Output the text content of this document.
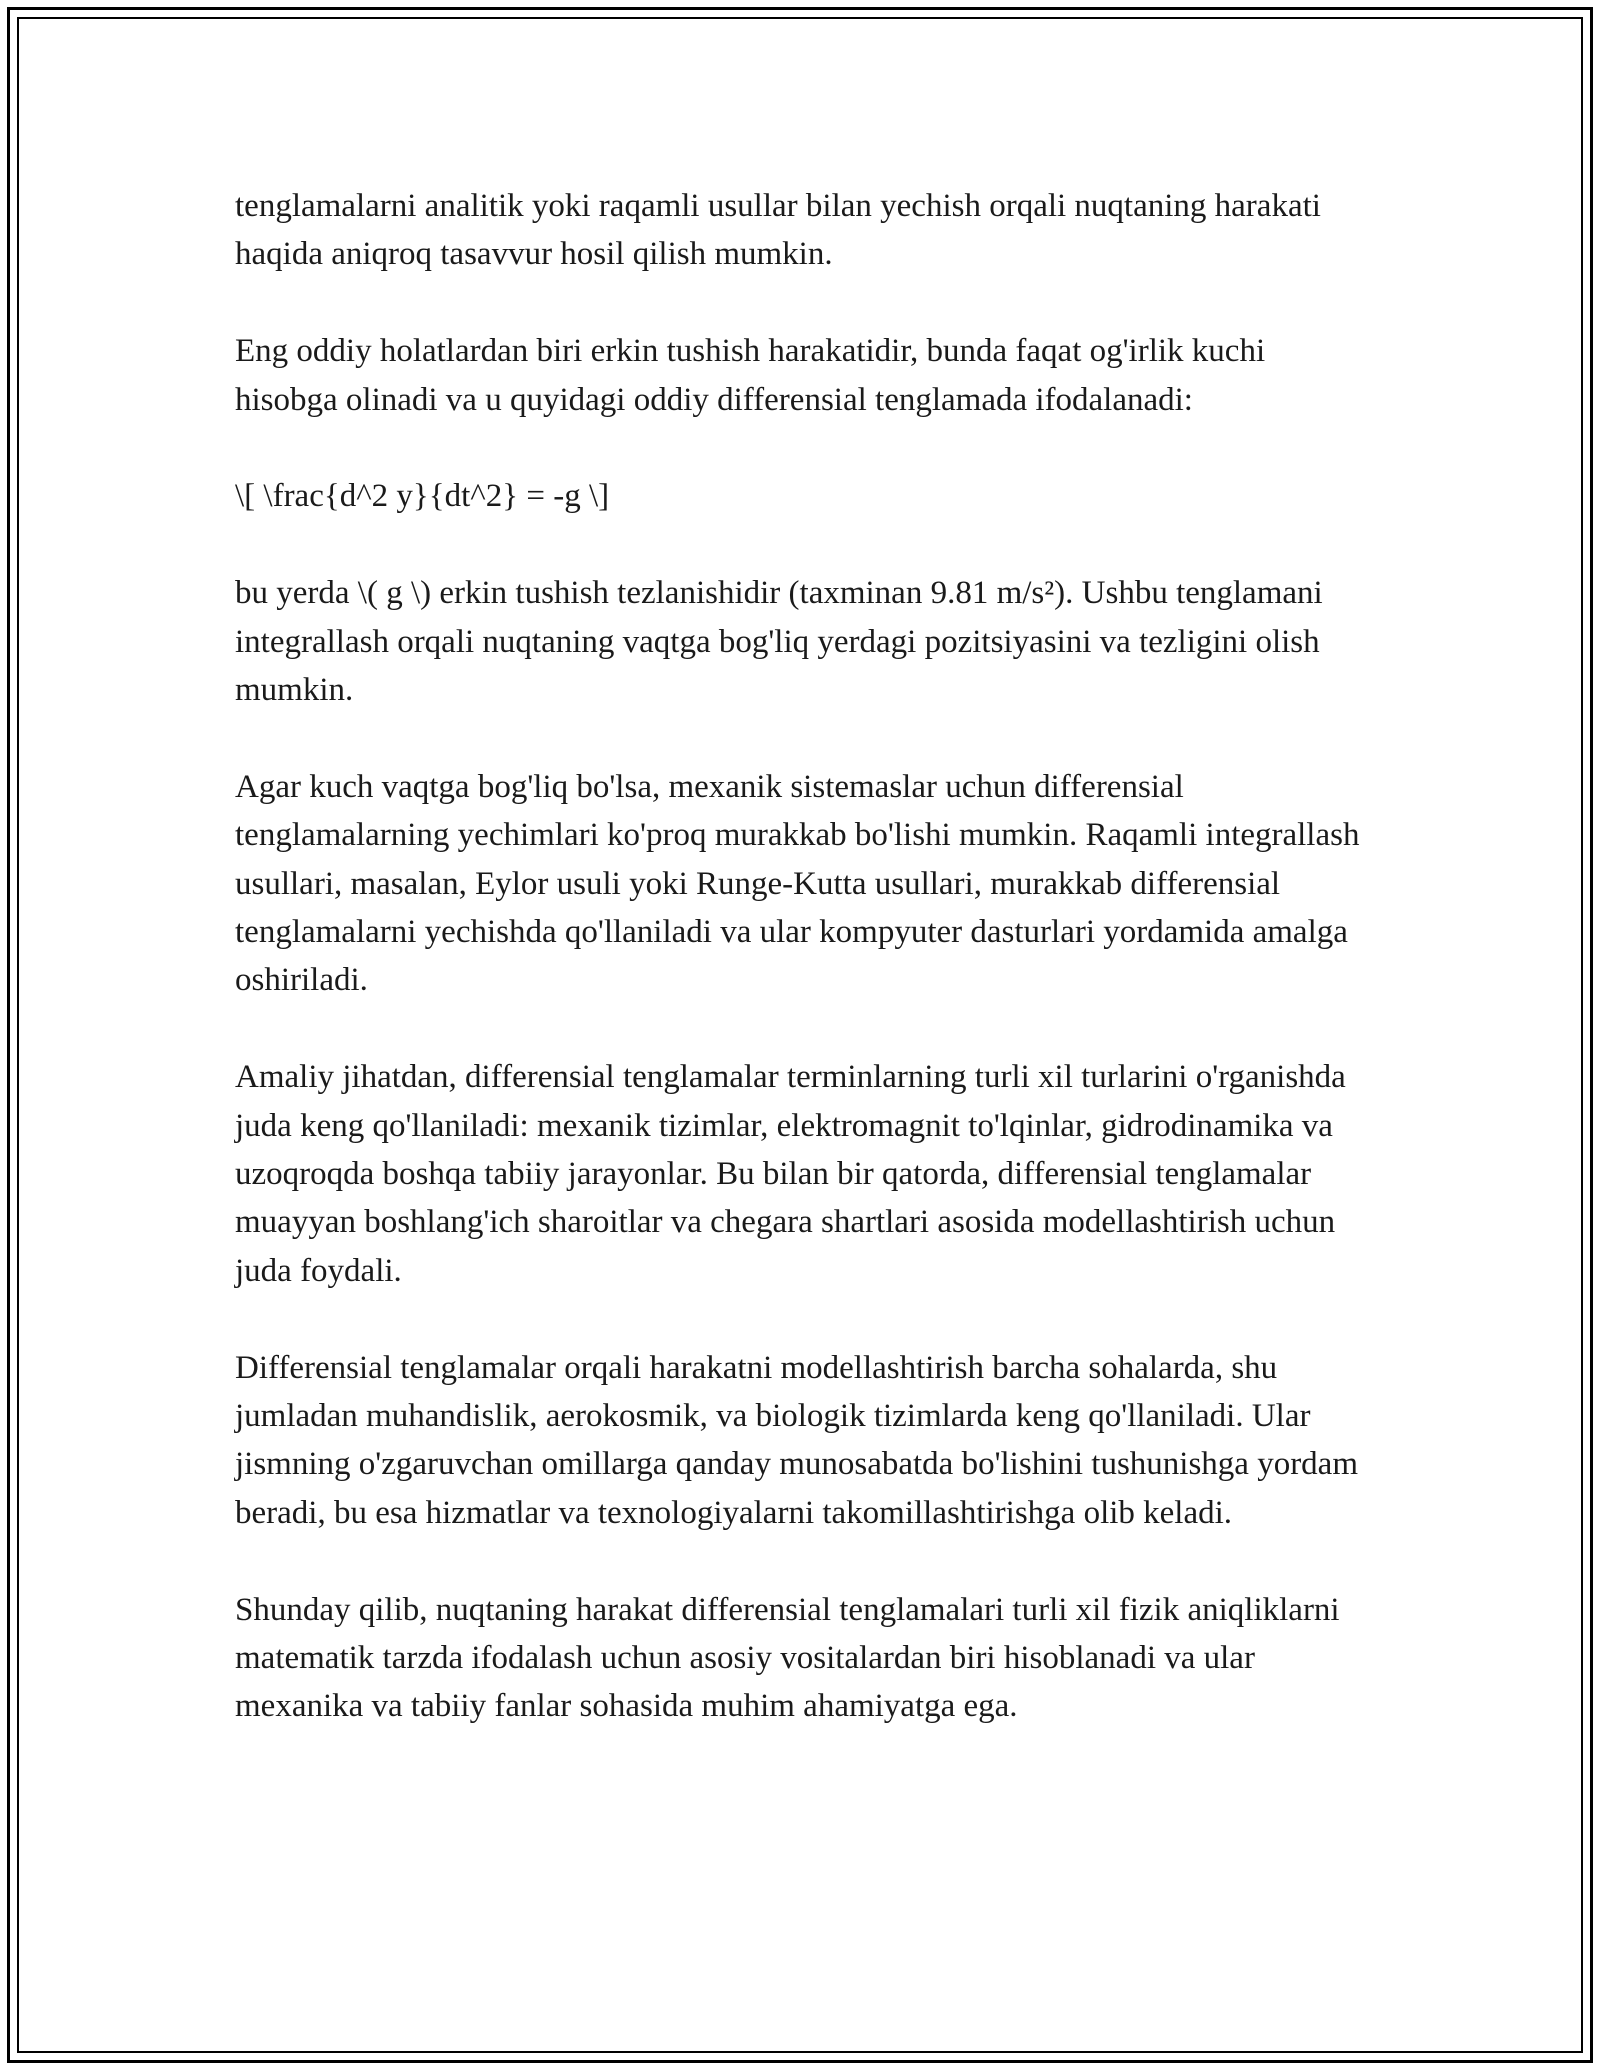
tenglamalarni analitik yoki raqamli usullar bilan yechish orqali nuqtaning harakati haqida aniqroq tasavvur hosil qilish mumkin.

Eng oddiy holatlardan biri erkin tushish harakatidir, bunda faqat og'irlik kuchi hisobga olinadi va u quyidagi oddiy differensial tenglamada ifodalanadi:

\[ \frac{d^2 y}{dt^2} = -g \]

bu yerda \( g \) erkin tushish tezlanishidir (taxminan 9.81 m/s²). Ushbu tenglamani integrallash orqali nuqtaning vaqtga bog'liq yerdagi pozitsiyasini va tezligini olish mumkin.

Agar kuch vaqtga bog'liq bo'lsa, mexanik sistemaslar uchun differensial tenglamalarning yechimlari ko'proq murakkab bo'lishi mumkin. Raqamli integrallash usullari, masalan, Eylor usuli yoki Runge-Kutta usullari, murakkab differensial tenglamalarni yechishda qo'llaniladi va ular kompyuter dasturlari yordamida amalga oshiriladi.

Amaliy jihatdan, differensial tenglamalar terminlarning turli xil turlarini o'rganishda juda keng qo'llaniladi: mexanik tizimlar, elektromagnit to'lqinlar, gidrodinamika va uzoqroqda boshqa tabiiy jarayonlar. Bu bilan bir qatorda, differensial tenglamalar muayyan boshlang'ich sharoitlar va chegara shartlari asosida modellashtirish uchun juda foydali.

Differensial tenglamalar orqali harakatni modellashtirish barcha sohalarda, shu jumladan muhandislik, aerokosmik, va biologik tizimlarda keng qo'llaniladi. Ular jismning o'zgaruvchan omillarga qanday munosabatda bo'lishini tushunishga yordam beradi, bu esa hizmatlar va texnologiyalarni takomillashtirishga olib keladi.

Shunday qilib, nuqtaning harakat differensial tenglamalari turli xil fizik aniqliklarni matematik tarzda ifodalash uchun asosiy vositalardan biri hisoblanadi va ular mexanika va tabiiy fanlar sohasida muhim ahamiyatga ega.
